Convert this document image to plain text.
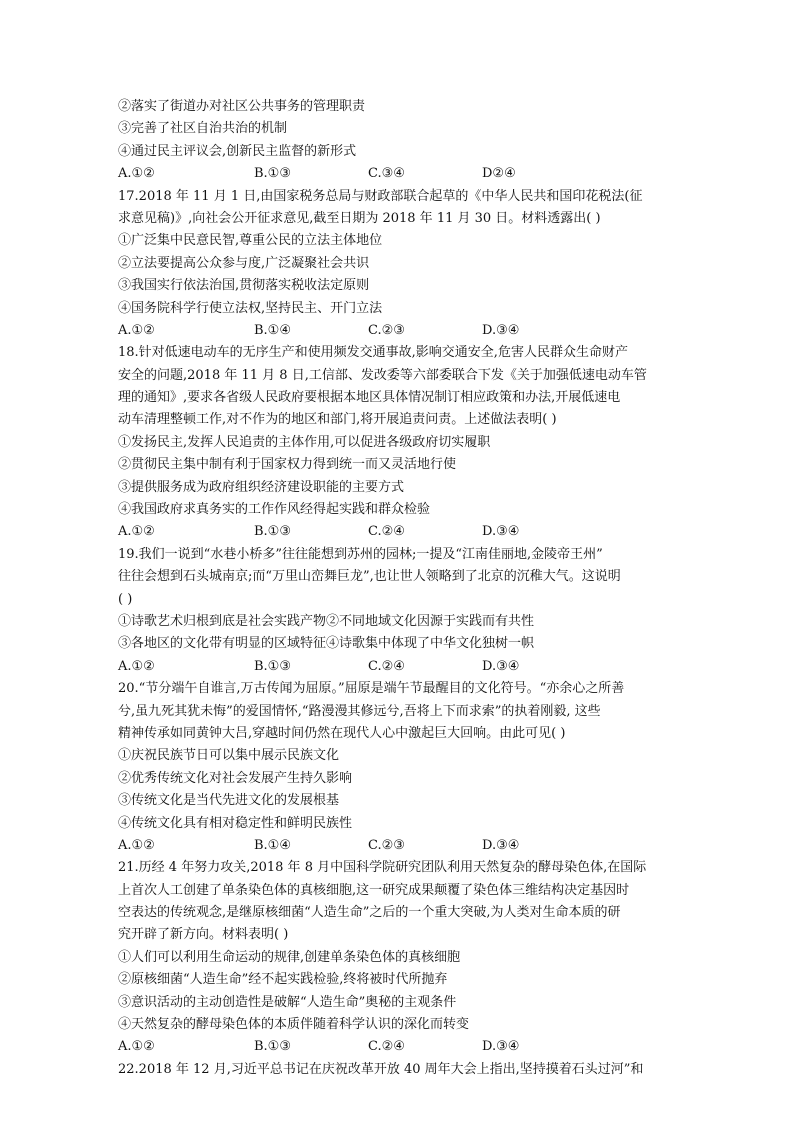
②落实了街道办对社区公共事务的管理职责
③完善了社区自治共治的机制
④通过民主评议会,创新民主监督的新形式
A.①②	B.①③	C.③④	D②④
17.2018 年 11 月 1 日,由国家税务总局与财政部联合起草的《中华人民共和国印花税法(征
求意见稿)》,向社会公开征求意见,截至日期为 2018 年 11 月 30 日。材料透露出( )
①广泛集中民意民智,尊重公民的立法主体地位
②立法要提高公众参与度,广泛凝聚社会共识
③我国实行依法治国,贯彻落实税收法定原则
④国务院科学行使立法权,坚持民主、开门立法
A.①②	B.①④	C.②③	D.③④
18.针对低速电动车的无序生产和使用频发交通事故,影响交通安全,危害人民群众生命财产
安全的问题,2018 年 11 月 8 日,工信部、发改委等六部委联合下发《关于加强低速电动车管
理的通知》,要求各省级人民政府要根据本地区具体情况制订相应政策和办法,开展低速电
动车清理整顿工作,对不作为的地区和部门,将开展追责问责。上述做法表明( )
①发扬民主,发挥人民追责的主体作用,可以促进各级政府切实履职
②贯彻民主集中制有利于国家权力得到统一而又灵活地行使
③提供服务成为政府组织经济建设职能的主要方式
④我国政府求真务实的工作作风经得起实践和群众检验
A.①②	B.①③	C.②④	D.③④
19.我们一说到“水巷小桥多”往往能想到苏州的园林;一提及“江南佳丽地,金陵帝王州”
往往会想到石头城南京;而“万里山峦舞巨龙”,也让世人领略到了北京的沉稚大气。这说明
( )
①诗歌艺术归根到底是社会实践产物②不同地域文化因源于实践而有共性
③各地区的文化带有明显的区域特征④诗歌集中体现了中华文化独树一帜
A.①②	B.①③	C.②④	D.③④
20.“节分端午自谁言,万古传闻为屈原。”屈原是端午节最醒目的文化符号。“亦余心之所善
兮,虽九死其犹未悔”的爱国情怀,“路漫漫其修远兮,吾将上下而求索”的执着刚毅, 这些
精神传承如同黄钟大吕,穿越时间仍然在现代人心中激起巨大回响。由此可见( )
①庆祝民族节日可以集中展示民族文化
②优秀传统文化对社会发展产生持久影响
③传统文化是当代先进文化的发展根基
④传统文化具有相对稳定性和鲜明民族性
A.①②	B.①④	C.②③	D.③④
21.历经 4 年努力攻关,2018 年 8 月中国科学院研究团队利用天然复杂的酵母染色体,在国际
上首次人工创建了单条染色体的真核细胞,这一研究成果颠覆了染色体三维结构决定基因时
空表达的传统观念,是继原核细菌“人造生命”之后的一个重大突破,为人类对生命本质的研
究开辟了新方向。材料表明( )
①人们可以利用生命运动的规律,创建单条染色体的真核细胞
②原核细菌“人造生命”经不起实践检验,终将被时代所抛弃
③意识活动的主动创造性是破解“人造生命”奥秘的主观条件
④天然复杂的酵母染色体的本质伴随着科学认识的深化而转变
A.①②	B.①③	C.②④	D.③④
22.2018 年 12 月,习近平总书记在庆祝改革开放 40 周年大会上指出,坚持摸着石头过河”和
